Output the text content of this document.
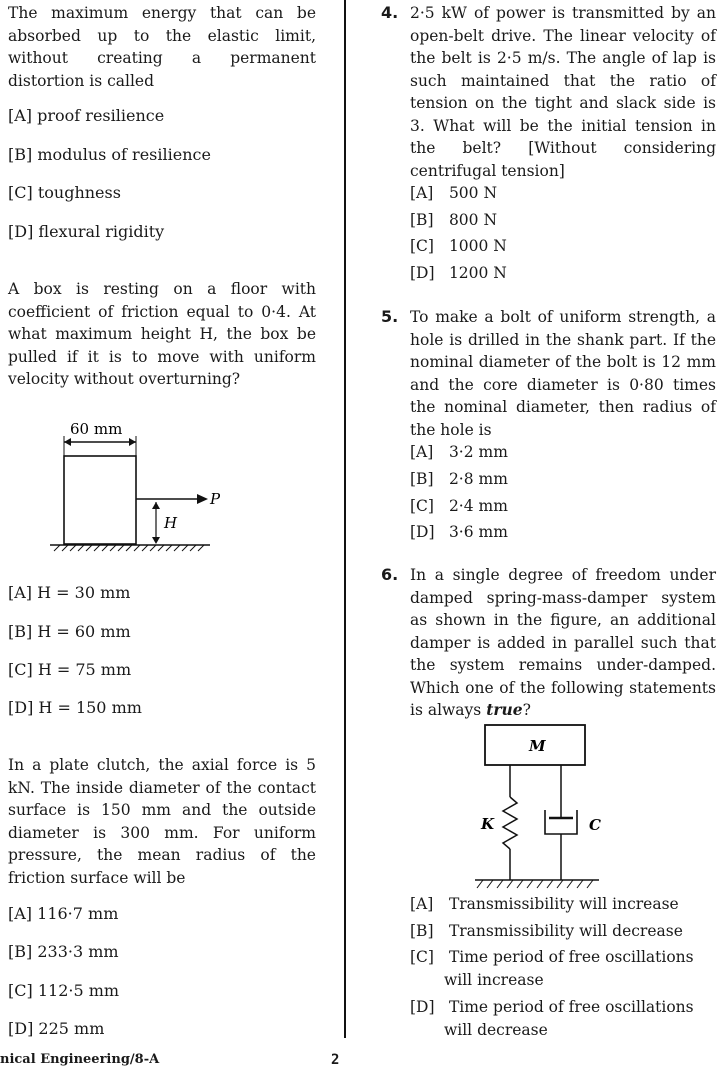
The maximum energy that can be absorbed up to the elastic limit, without creating a permanent distortion is called
[A] proof resilience
[B] modulus of resilience
[C] toughness
[D] flexural rigidity
A box is resting on a floor with coefficient of friction equal to 0·4. At what maximum height H, the box be pulled if it is to move with uniform velocity without overturning?
60 mm
P
H
[A] H = 30 mm
[B] H = 60 mm
[C] H = 75 mm
[D] H = 150 mm
In a plate clutch, the axial force is 5 kN. The inside diameter of the contact surface is 150 mm and the outside diameter is 300 mm. For uniform pressure, the mean radius of the friction surface will be
[A] 116·7 mm
[B] 233·3 mm
[C] 112·5 mm
[D] 225 mm
4. 2·5 kW of power is transmitted by an open-belt drive. The linear velocity of the belt is 2·5 m/s. The angle of lap is such maintained that the ratio of tension on the tight and slack side is 3. What will be the initial tension in the belt? [Without considering centrifugal tension]
[A] 500 N
[B] 800 N
[C] 1000 N
[D] 1200 N
5. To make a bolt of uniform strength, a hole is drilled in the shank part. If the nominal diameter of the bolt is 12 mm and the core diameter is 0·80 times the nominal diameter, then radius of the hole is
[A] 3·2 mm
[B] 2·8 mm
[C] 2·4 mm
[D] 3·6 mm
6. In a single degree of freedom under damped spring-mass-damper system as shown in the figure, an additional damper is added in parallel such that the system remains under-damped. Which one of the following statements is always true?
M
K	C
[A] Transmissibility will increase
[B] Transmissibility will decrease
[C] Time period of free oscillations
will increase
[D] Time period of free oscillations
will decrease
nical Engineering/8-A	2
